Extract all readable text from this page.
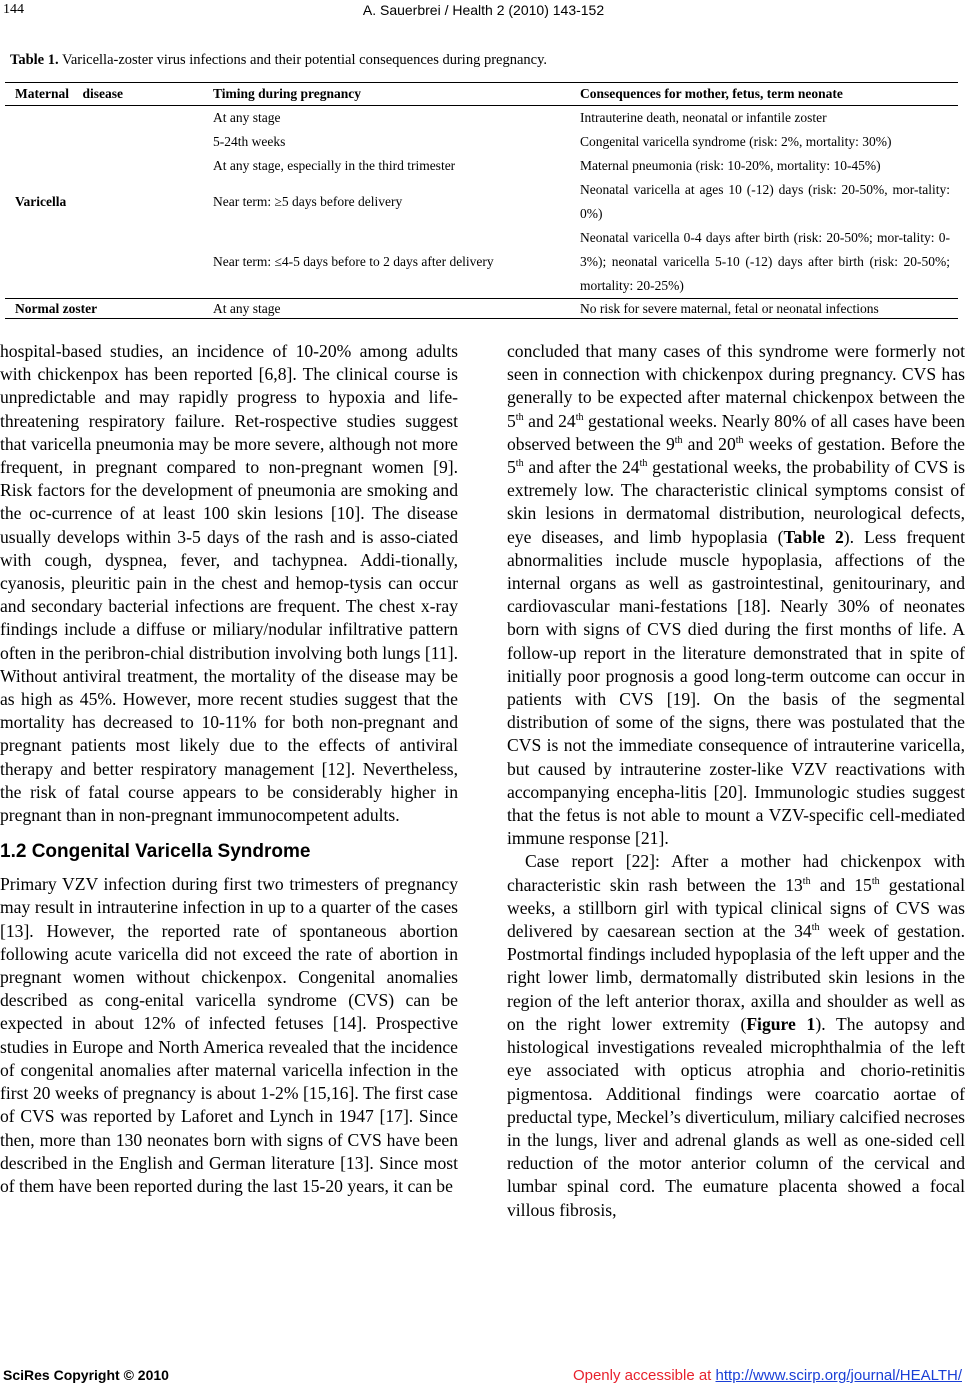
144	A. Sauerbrei / Health 2 (2010) 143-152
Table 1. Varicella-zoster virus infections and their potential consequences during pregnancy.
Maternal    disease	Timing during pregnancy	Consequences for mother, fetus, term neonate
Varicella	At any stage	Intrauterine death, neonatal or infantile zoster
	5-24th weeks	Congenital varicella syndrome (risk: 2%, mortality: 30%)
	At any stage, especially in the third trimester	Maternal pneumonia (risk: 10-20%, mortality: 10-45%)
	Near term: ≥5 days before delivery	Neonatal varicella at ages 10 (-12) days (risk: 20-50%, mor-tality: 0%)
	Near term: ≤4-5 days before to 2 days after delivery	Neonatal varicella 0-4 days after birth (risk: 20-50%; mor-tality: 0-3%); neonatal varicella 5-10 (-12) days after birth (risk: 20-50%; mortality: 20-25%)
Normal zoster	At any stage	No risk for severe maternal, fetal or neonatal infections

hospital-based studies, an incidence of 10-20% among adults with chickenpox has been reported [6,8]. The clinical course is unpredictable and may rapidly progress to hypoxia and life-threatening respiratory failure. Ret-rospective studies suggest that varicella pneumonia may be more severe, although not more frequent, in pregnant compared to non-pregnant women [9]. Risk factors for the development of pneumonia are smoking and the oc-currence of at least 100 skin lesions [10]. The disease usually develops within 3-5 days of the rash and is asso-ciated with cough, dyspnea, fever, and tachypnea. Addi-tionally, cyanosis, pleuritic pain in the chest and hemop-tysis can occur and secondary bacterial infections are frequent. The chest x-ray findings include a diffuse or miliary/nodular infiltrative pattern often in the peribron-chial distribution involving both lungs [11]. Without antiviral treatment, the mortality of the disease may be as high as 45%. However, more recent studies suggest that the mortality has decreased to 10-11% for both non-pregnant and pregnant patients most likely due to the effects of antiviral therapy and better respiratory management [12]. Nevertheless, the risk of fatal course appears to be considerably higher in pregnant than in non-pregnant immunocompetent adults.

1.2 Congenital Varicella Syndrome

Primary VZV infection during first two trimesters of pregnancy may result in intrauterine infection in up to a quarter of the cases [13]. However, the reported rate of spontaneous abortion following acute varicella did not exceed the rate of abortion in pregnant women without chickenpox. Congenital anomalies described as cong-enital varicella syndrome (CVS) can be expected in about 12% of infected fetuses [14]. Prospective studies in Europe and North America revealed that the incidence of congenital anomalies after maternal varicella infection in the first 20 weeks of pregnancy is about 1-2% [15,16]. The first case of CVS was reported by Laforet and Lynch in 1947 [17]. Since then, more than 130 neonates born with signs of CVS have been described in the English and German literature [13]. Since most of them have been reported during the last 15-20 years, it can be

concluded that many cases of this syndrome were formerly not seen in connection with chickenpox during pregnancy. CVS has generally to be expected after maternal chickenpox between the 5th and 24th gestational weeks. Nearly 80% of all cases have been observed between the 9th and 20th weeks of gestation. Before the 5th and after the 24th gestational weeks, the probability of CVS is extremely low. The characteristic clinical symptoms consist of skin lesions in dermatomal distribution, neurological defects, eye diseases, and limb hypoplasia (Table 2). Less frequent abnormalities include muscle hypoplasia, affections of the internal organs as well as gastrointestinal, genitourinary, and cardiovascular mani-festations [18]. Nearly 30% of neonates born with signs of CVS died during the first months of life. A follow-up report in the literature demonstrated that in spite of initially poor prognosis a good long-term outcome can occur in patients with CVS [19]. On the basis of the segmental distribution of some of the signs, there was postulated that the CVS is not the immediate consequence of intrauterine varicella, but caused by intrauterine zoster-like VZV reactivations with accompanying encepha-litis [20]. Immunologic studies suggest that the fetus is not able to mount a VZV-specific cell-mediated immune response [21].

Case report [22]: After a mother had chickenpox with characteristic skin rash between the 13th and 15th gestational weeks, a stillborn girl with typical clinical signs of CVS was delivered by caesarean section at the 34th week of gestation. Postmortal findings included hypoplasia of the left upper and the right lower limb, dermatomally distributed skin lesions in the region of the left anterior thorax, axilla and shoulder as well as on the right lower extremity (Figure 1). The autopsy and histological investigations revealed microphthalmia of the left eye associated with opticus atrophia and chorio-retinitis pigmentosa. Additional findings were coarcatio aortae of preductal type, Meckel’s diverticulum, miliary calcified necroses in the lungs, liver and adrenal glands as well as one-sided cell reduction of the motor anterior column of the cervical and lumbar spinal cord. The eumature placenta showed a focal villous fibrosis,

SciRes Copyright © 2010	Openly accessible at http://www.scirp.org/journal/HEALTH/
